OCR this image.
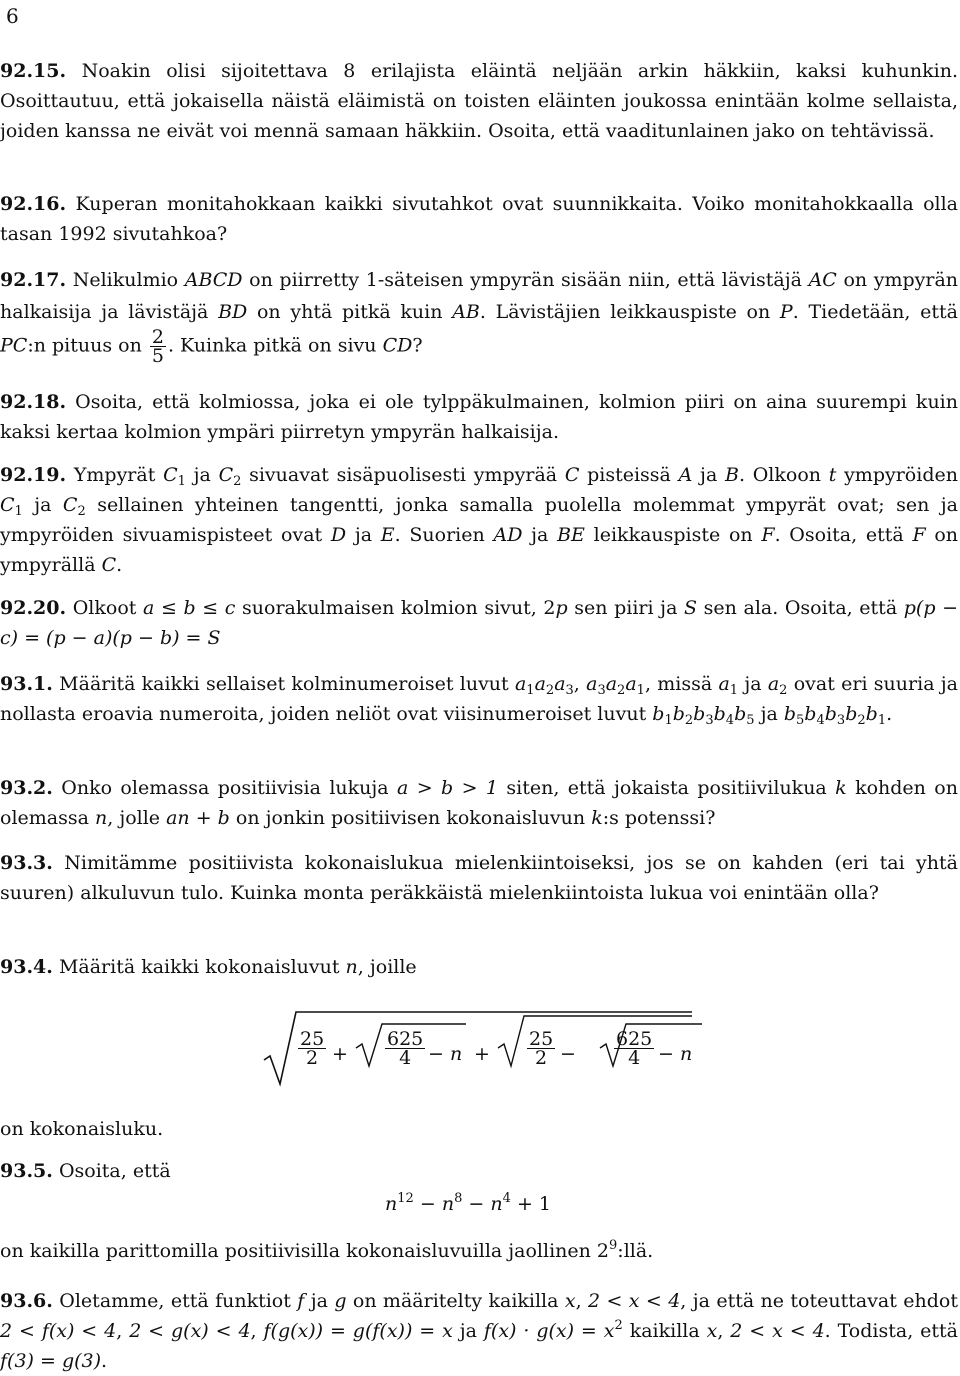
6
92.15. Noakin olisi sijoitettava 8 erilajista eläintä neljään arkin häkkiin, kaksi kuhunkin. Osoittautuu, että jokaisella näistä eläimistä on toisten eläinten joukossa enintään kolme sellaista, joiden kanssa ne eivät voi mennä samaan häkkiin. Osoita, että vaaditunlainen jako on tehtävissä.
92.16. Kuperan monitahokkaan kaikki sivutahkot ovat suunnikkaita. Voiko monitahokkaalla olla tasan 1992 sivutahkoa?
92.17. Nelikulmio ABCD on piirretty 1-säteisen ympyrän sisään niin, että lävistäjä AC on ympyrän halkaisija ja lävistäjä BD on yhtä pitkä kuin AB. Lävistäjien leikkauspiste on P. Tiedetään, että PC:n pituus on $\frac{2}{5}$ . Kuinka pitkä on sivu CD?
92.18. Osoita, että kolmiossa, joka ei ole tylppäkulmainen, kolmion piiri on aina suurempi kuin kaksi kertaa kolmion ympäri piirretyn ympyrän halkaisija.
92.19. Ympyrät $C_1$ ja $C_2$ sivuavat sisäpuolisesti ympyrää C pisteissä A ja B. Olkoon t ympyröiden $C_1$ ja $C_2$ sellainen yhteinen tangentti, jonka samalla puolella molemmat ympyrät ovat; sen ja ympyröiden sivuamispisteet ovat D ja E. Suorien AD ja BE leikkauspiste on F. Osoita, että F on ympyrällä C.
92.20. Olkoot a ≤ b ≤ c suorakulmaisen kolmion sivut, 2p sen piiri ja S sen ala. Osoita, että p(p − c) = (p − a)(p − b) = S
93.1. Määritä kaikki sellaiset kolminumeroiset luvut $a_1a_2a_3$, $a_3a_2a_1$, missä $a_1$ ja $a_2$ ovat eri suuria ja nollasta eroavia numeroita, joiden neliöt ovat viisinumeroiset luvut $b_1b_2b_3b_4b_5$ ja $b_5b_4b_3b_2b_1$.
93.2. Onko olemassa positiivisia lukuja a > b > 1 siten, että jokaista positiivilukua k kohden on olemassa n, jolle an + b on jonkin positiivisen kokonaisluvun k:s potenssi?
93.3. Nimitämme positiivista kokonaislukua mielenkiintoiseksi, jos se on kahden (eri tai yhtä suuren) alkuluvun tulo. Kuinka monta peräkkäistä mielenkiintoista lukua voi enintään olla?
93.4. Määritä kaikki kokonaisluvut n, joille
$\frac{25}{2} + \frac{625}{4} - n + \frac{25}{2} - \frac{625}{4} - n$
on kokonaisluku.
93.5. Osoita, että
$n^{12} - n^8 - n^4 + 1$
on kaikilla parittomilla positiivisilla kokonaisluvuilla jaollinen $2^9:llä$.
93.6. Oletamme, että funktiot f ja g on määritelty kaikilla x, 2 < x < 4, ja että ne toteuttavat ehdot 2 < f(x) < 4, 2 < g(x) < 4, f(g(x)) = g(f(x)) = x ja $f(x) \cdot g(x) = x^2$ kaikilla x, 2 < x < 4. Todista, että f(3) = g(3).
